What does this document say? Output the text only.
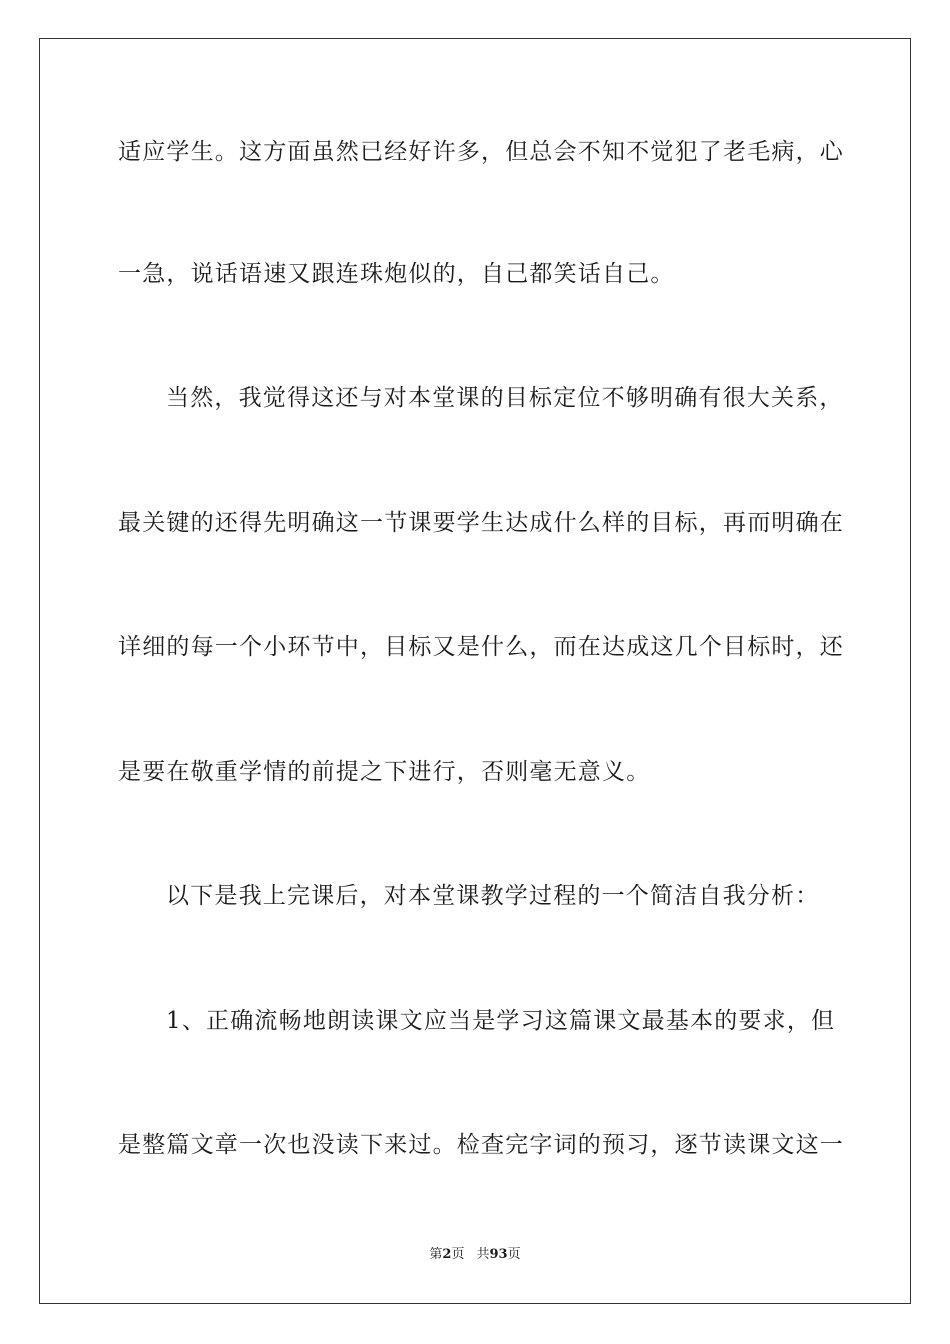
适应学生。这方面虽然已经好许多，但总会不知不觉犯了老毛病，心
一急，说话语速又跟连珠炮似的，自己都笑话自己。
当然，我觉得这还与对本堂课的目标定位不够明确有很大关系，
最关键的还得先明确这一节课要学生达成什么样的目标，再而明确在
详细的每一个小环节中，目标又是什么，而在达成这几个目标时，还
是要在敬重学情的前提之下进行，否则毫无意义。
以下是我上完课后，对本堂课教学过程的一个简洁自我分析：
1、正确流畅地朗读课文应当是学习这篇课文最基本的要求，但
是整篇文章一次也没读下来过。检查完字词的预习，逐节读课文这一
第2页 共93页
